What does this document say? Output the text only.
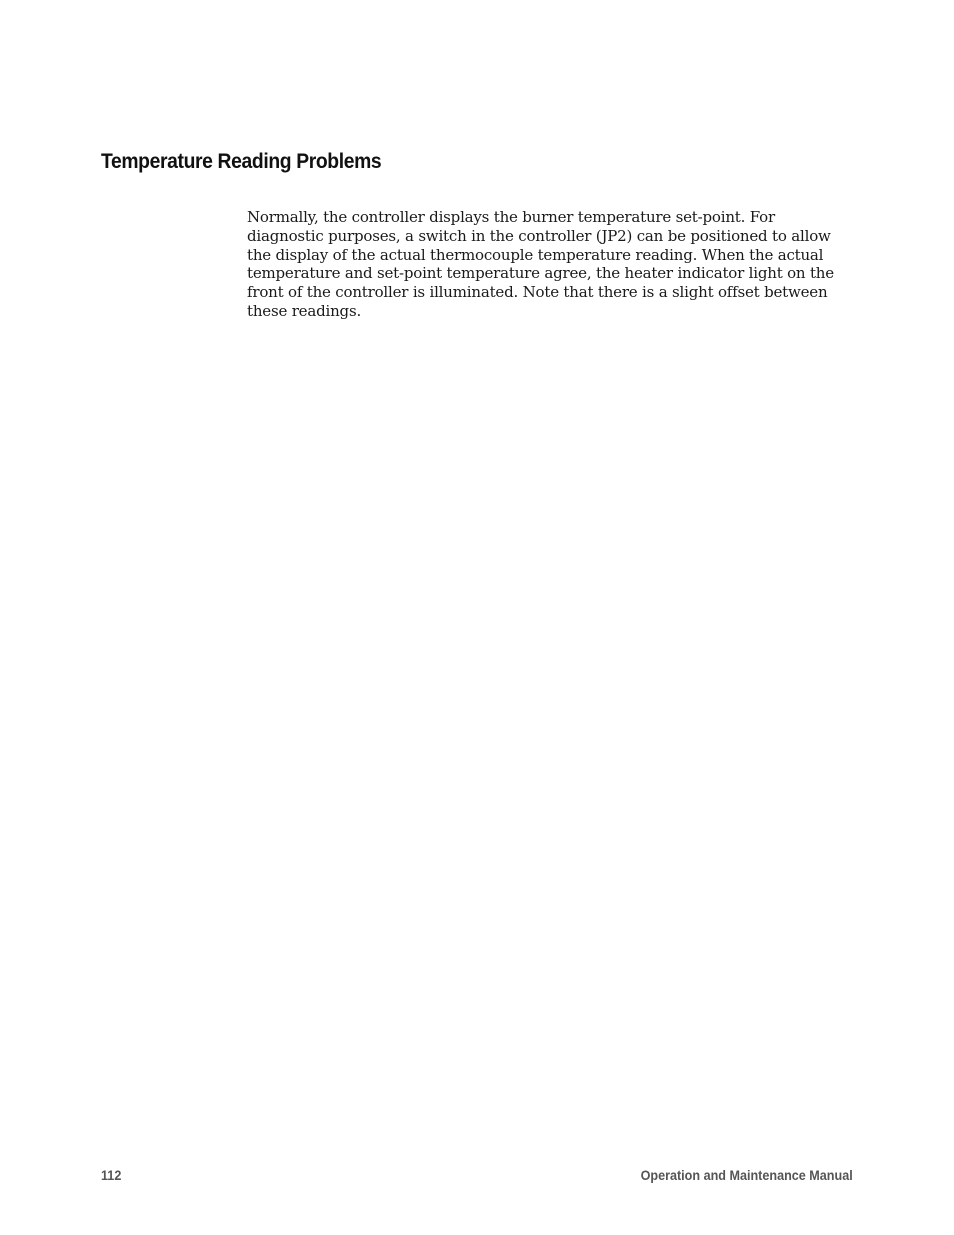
Temperature Reading Problems

Normally, the controller displays the burner temperature set-point. For diagnostic purposes, a switch in the controller (JP2) can be positioned to allow the display of the actual thermocouple temperature reading. When the actual temperature and set-point temperature agree, the heater indicator light on the front of the controller is illuminated. Note that there is a slight offset between these readings.

112	Operation and Maintenance Manual
